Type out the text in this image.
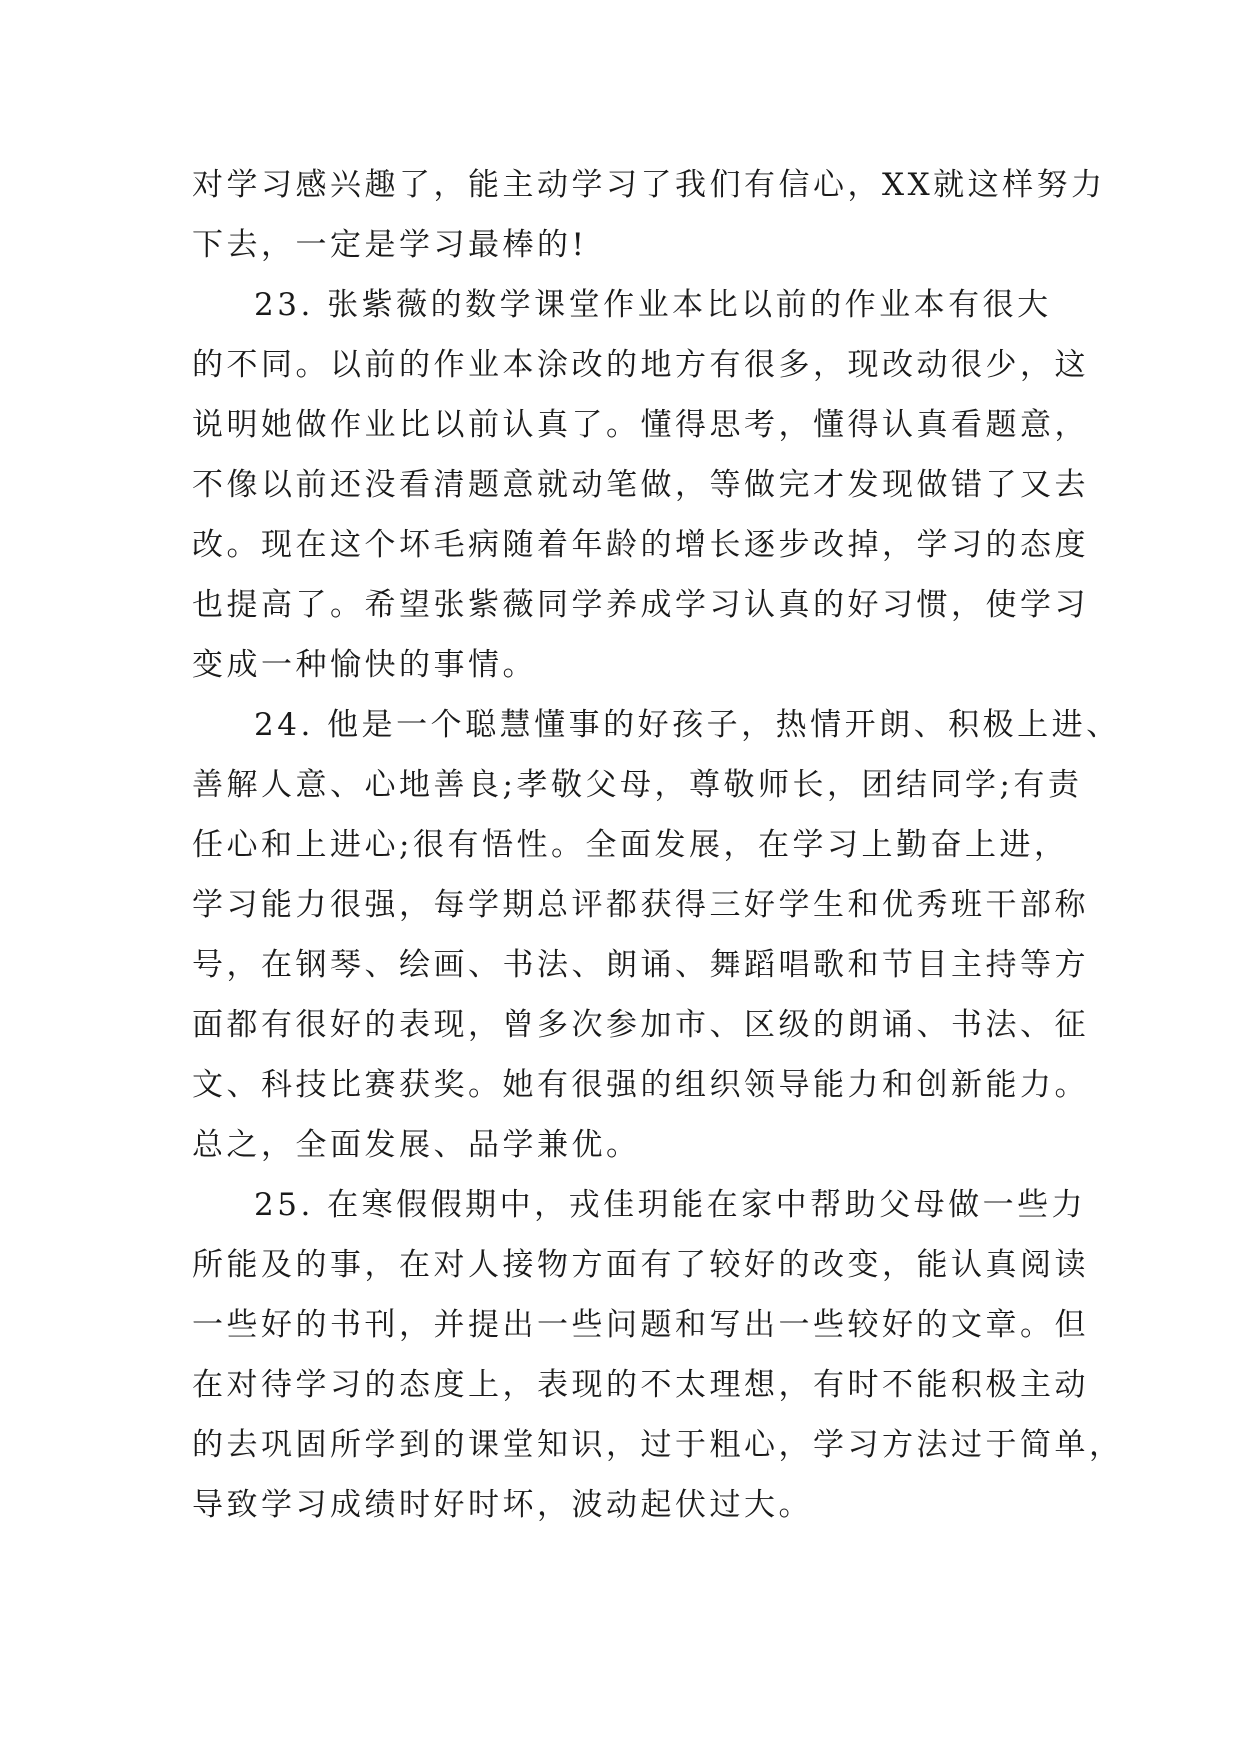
对学习感兴趣了，能主动学习了我们有信心，XX就这样努力
下去，一定是学习最棒的!
23. 张紫薇的数学课堂作业本比以前的作业本有很大
的不同。以前的作业本涂改的地方有很多，现改动很少，这
说明她做作业比以前认真了。懂得思考，懂得认真看题意，
不像以前还没看清题意就动笔做，等做完才发现做错了又去
改。现在这个坏毛病随着年龄的增长逐步改掉，学习的态度
也提高了。希望张紫薇同学养成学习认真的好习惯，使学习
变成一种愉快的事情。
24. 他是一个聪慧懂事的好孩子，热情开朗、积极上进、
善解人意、心地善良;孝敬父母，尊敬师长，团结同学;有责
任心和上进心;很有悟性。全面发展，在学习上勤奋上进，
学习能力很强，每学期总评都获得三好学生和优秀班干部称
号，在钢琴、绘画、书法、朗诵、舞蹈唱歌和节目主持等方
面都有很好的表现，曾多次参加市、区级的朗诵、书法、征
文、科技比赛获奖。她有很强的组织领导能力和创新能力。
总之，全面发展、品学兼优。
25. 在寒假假期中，戎佳玥能在家中帮助父母做一些力
所能及的事，在对人接物方面有了较好的改变，能认真阅读
一些好的书刊，并提出一些问题和写出一些较好的文章。但
在对待学习的态度上，表现的不太理想，有时不能积极主动
的去巩固所学到的课堂知识，过于粗心，学习方法过于简单，
导致学习成绩时好时坏，波动起伏过大。
